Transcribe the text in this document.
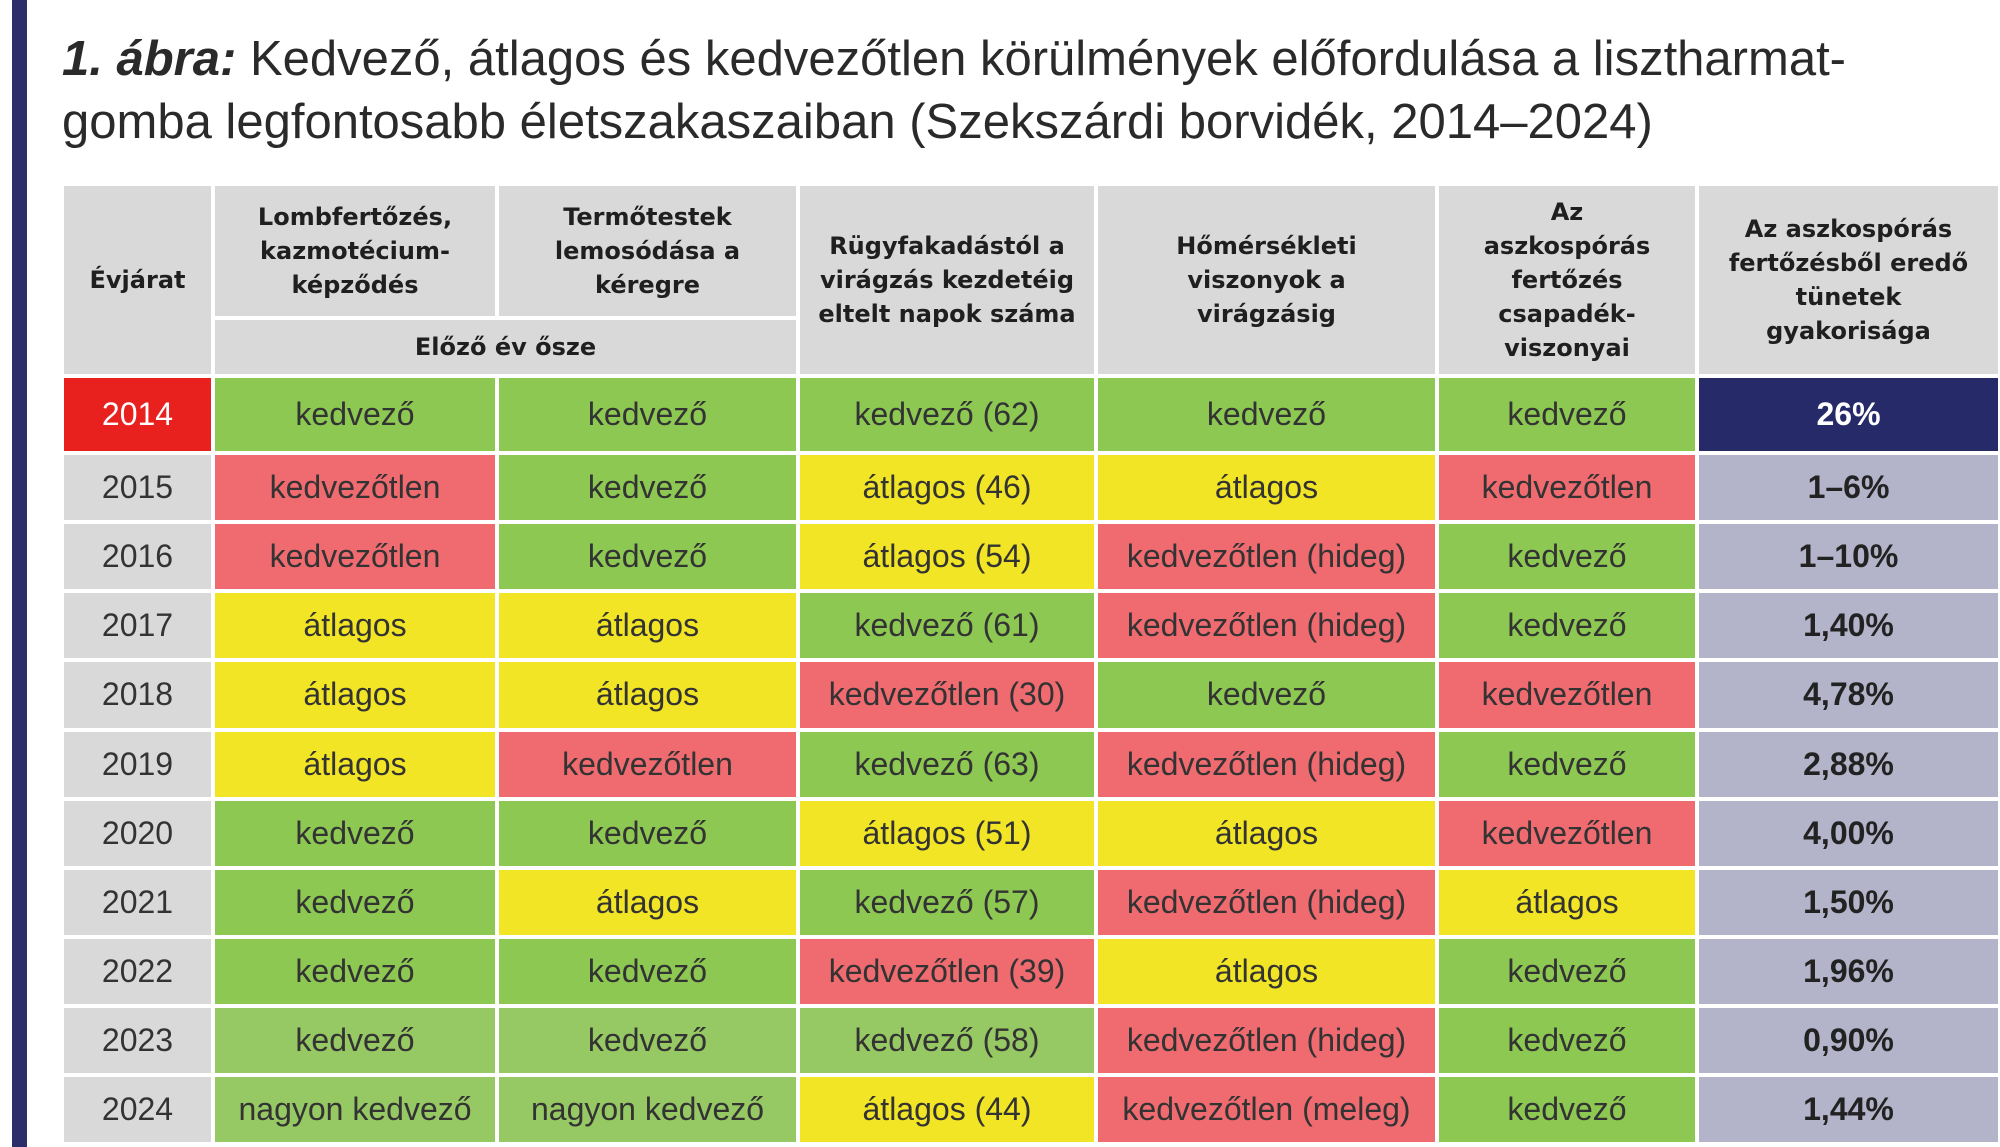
1. ábra: Kedvező, átlagos és kedvezőtlen körülmények előfordulása a lisztharmat-gomba legfontosabb életszakaszaiban (Szekszárdi borvidék, 2014–2024)
Évjárat	Lombfertőzés, kazmotécium-képződés	Termőtestek lemosódása a kéregre	Rügyfakadástól a virágzás kezdetéig eltelt napok száma	Hőmérsékleti viszonyok a virágzásig	Az aszkospórás fertőzés csapadék-viszonyai	Az aszkospórás fertőzésből eredő tünetek gyakorisága

	Előző év ősze					
2014	kedvező	kedvező	kedvező (62)	kedvező	kedvező	26%
2015	kedvezőtlen	kedvező	átlagos (46)	átlagos	kedvezőtlen	1–6%
2016	kedvezőtlen	kedvező	átlagos (54)	kedvezőtlen (hideg)	kedvező	1–10%
2017	átlagos	átlagos	kedvező (61)	kedvezőtlen (hideg)	kedvező	1,40%
2018	átlagos	átlagos	kedvezőtlen (30)	kedvező	kedvezőtlen	4,78%
2019	átlagos	kedvezőtlen	kedvező (63)	kedvezőtlen (hideg)	kedvező	2,88%
2020	kedvező	kedvező	átlagos (51)	átlagos	kedvezőtlen	4,00%
2021	kedvező	átlagos	kedvező (57)	kedvezőtlen (hideg)	átlagos	1,50%
2022	kedvező	kedvező	kedvezőtlen (39)	átlagos	kedvező	1,96%
2023	kedvező	kedvező	kedvező (58)	kedvezőtlen (hideg)	kedvező	0,90%
2024	nagyon kedvező	nagyon kedvező	átlagos (44)	kedvezőtlen (meleg)	kedvező	1,44%
